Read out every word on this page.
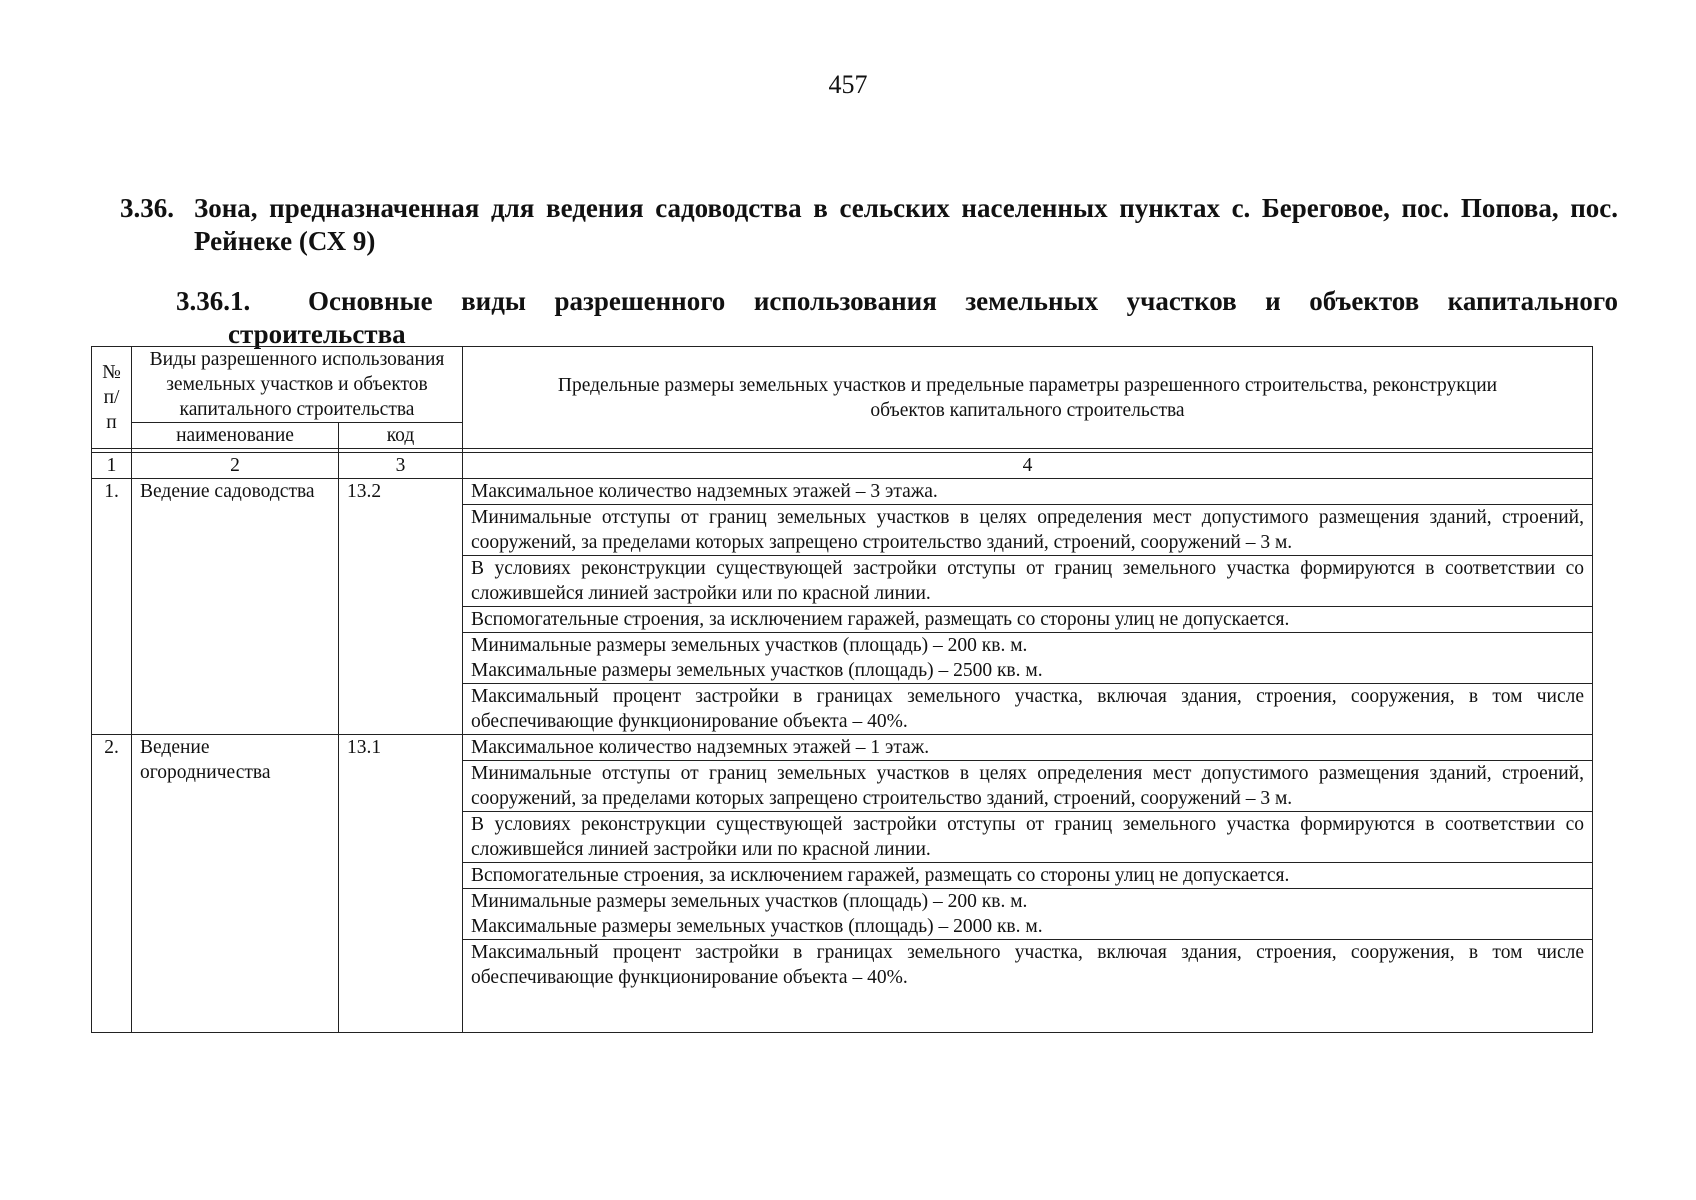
457
3.36. Зона, предназначенная для ведения садоводства в сельских населенных пунктах с. Береговое, пос. Попова, пос. Рейнеке (СХ 9)
3.36.1. Основные виды разрешенного использования земельных участков и объектов капитального
строительства
№ п/п	Виды разрешенного использования земельных участков и объектов капитального строительства		Предельные размеры земельных участков и предельные параметры разрешенного строительства, реконструкции объектов капитального строительства
	наименование	код	

1	2	3	4
1.	Ведение садоводства	13.2	Максимальное количество надземных этажей – 3 этажа.
			Минимальные отступы от границ земельных участков в целях определения мест допустимого размещения зданий, строений, сооружений, за пределами которых запрещено строительство зданий, строений, сооружений – 3 м.
			В условиях реконструкции существующей застройки отступы от границ земельного участка формируются в соответствии со сложившейся линией застройки или по красной линии.
			Вспомогательные строения, за исключением гаражей, размещать со стороны улиц не допускается.

			Минимальные размеры земельных участков (площадь) – 200 кв. м.
Максимальные размеры земельных участков (площадь) – 2500 кв. м.

			Максимальный процент застройки в границах земельного участка, включая здания, строения, сооружения, в том числе обеспечивающие функционирование объекта – 40%.
2.	Ведение огородничества	13.1	Максимальное количество надземных этажей – 1 этаж.
			Минимальные отступы от границ земельных участков в целях определения мест допустимого размещения зданий, строений, сооружений, за пределами которых запрещено строительство зданий, строений, сооружений – 3 м.
			В условиях реконструкции существующей застройки отступы от границ земельного участка формируются в соответствии со сложившейся линией застройки или по красной линии.
			Вспомогательные строения, за исключением гаражей, размещать со стороны улиц не допускается.

			Минимальные размеры земельных участков (площадь) – 200 кв. м.
Максимальные размеры земельных участков (площадь) – 2000 кв. м.

			Максимальный процент застройки в границах земельного участка, включая здания, строения, сооружения, в том числе обеспечивающие функционирование объекта – 40%.
